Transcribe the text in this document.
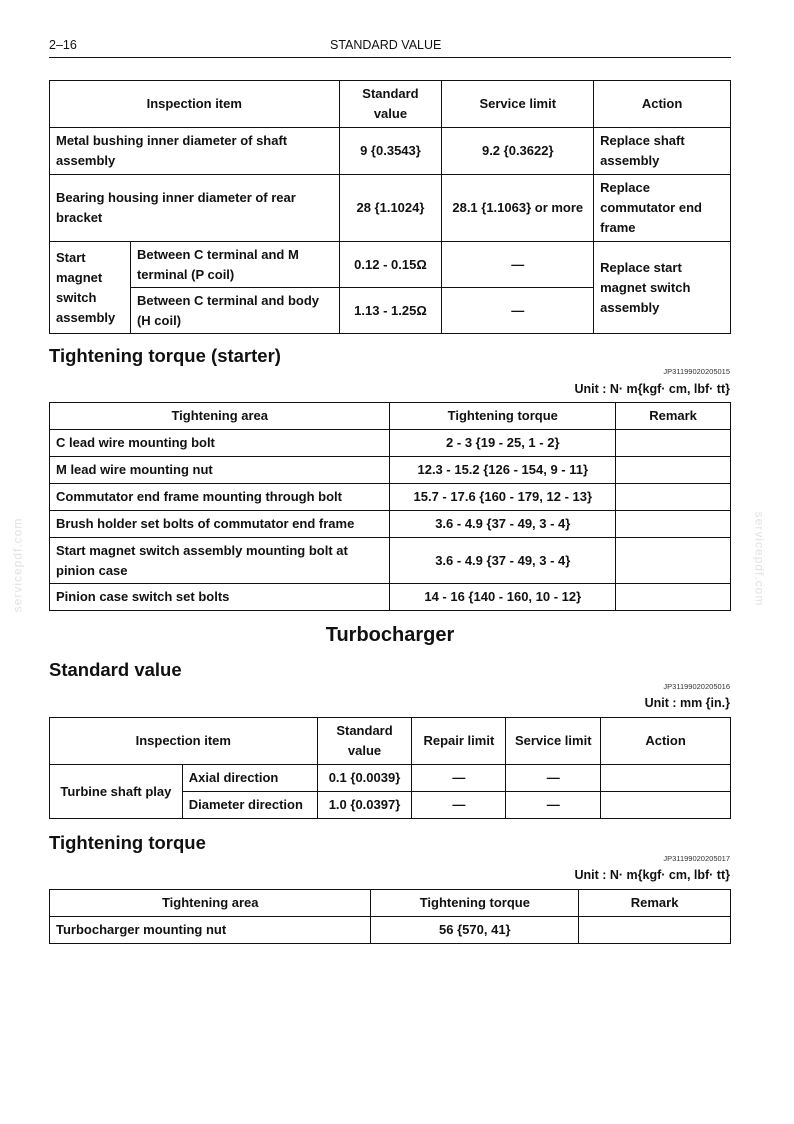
2–16	STANDARD VALUE
servicepdf.com	servicepdf.com
Inspection item		Standard value	Service limit	Action
Metal bushing inner diameter of shaft assembly		9 {0.3543}	9.2 {0.3622}	Replace shaft assembly
Bearing housing inner diameter of rear bracket		28 {1.1024}	28.1 {1.1063} or more	Replace commutator end frame
Start magnet switch assembly	Between C terminal and M terminal (P coil)	0.12 - 0.15Ω	—	Replace start magnet switch assembly
	Between C terminal and body (H coil)	1.13 - 1.25Ω	—	
Tightening torque (starter)
JP31199020205015
Unit : N· m{kgf· cm, lbf· tt}
Tightening area	Tightening torque	Remark
C lead wire mounting bolt	2 - 3 {19 - 25, 1 - 2}	
M lead wire mounting nut	12.3 - 15.2 {126 - 154, 9 - 11}	
Commutator end frame mounting through bolt	15.7 - 17.6 {160 - 179, 12 - 13}	
Brush holder set bolts of commutator end frame	3.6 - 4.9 {37 - 49, 3 - 4}	
Start magnet switch assembly mounting bolt at pinion case	3.6 - 4.9 {37 - 49, 3 - 4}	
Pinion case switch set bolts	14 - 16 {140 - 160, 10 - 12}	
Turbocharger
Standard value
JP31199020205016
Unit : mm {in.}
Inspection item		Standard value	Repair limit	Service limit	Action
Turbine shaft play	Axial direction	0.1 {0.0039}	—	—	
	Diameter direction	1.0 {0.0397}	—	—	
Tightening torque
JP31199020205017
Unit : N· m{kgf· cm, lbf· tt}
Tightening area	Tightening torque	Remark
Turbocharger mounting nut	56 {570, 41}	
